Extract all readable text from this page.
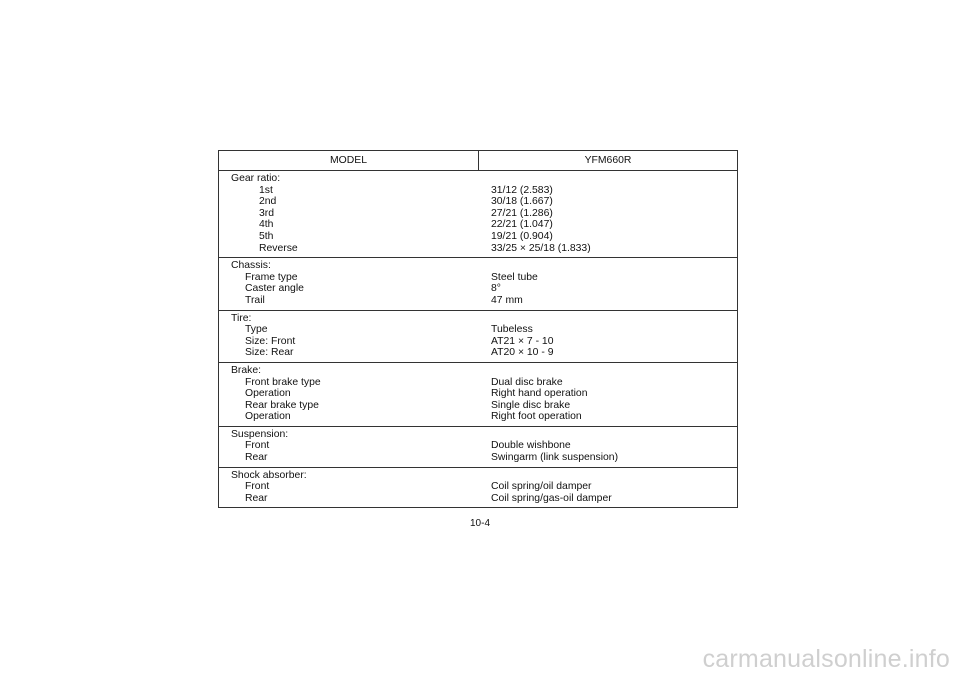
MODEL	YFM660R
Gear ratio:
1st
2nd
3rd
4th
5th
Reverse
31/12 (2.583)
30/18 (1.667)
27/21 (1.286)
22/21 (1.047)
19/21 (0.904)
33/25 × 25/18 (1.833)
Chassis:
Frame type
Caster angle
Trail
Steel tube
8°
47 mm
Tire:
Type
Size: Front
Size: Rear
Tubeless
AT21 × 7 - 10
AT20 × 10 - 9
Brake:
Front brake type
Operation
Rear brake type
Operation
Dual disc brake
Right hand operation
Single disc brake
Right foot operation
Suspension:
Front
Rear
Double wishbone
Swingarm (link suspension)
Shock absorber:
Front
Rear
Coil spring/oil damper
Coil spring/gas-oil damper
10-4
carmanualsonline.info
